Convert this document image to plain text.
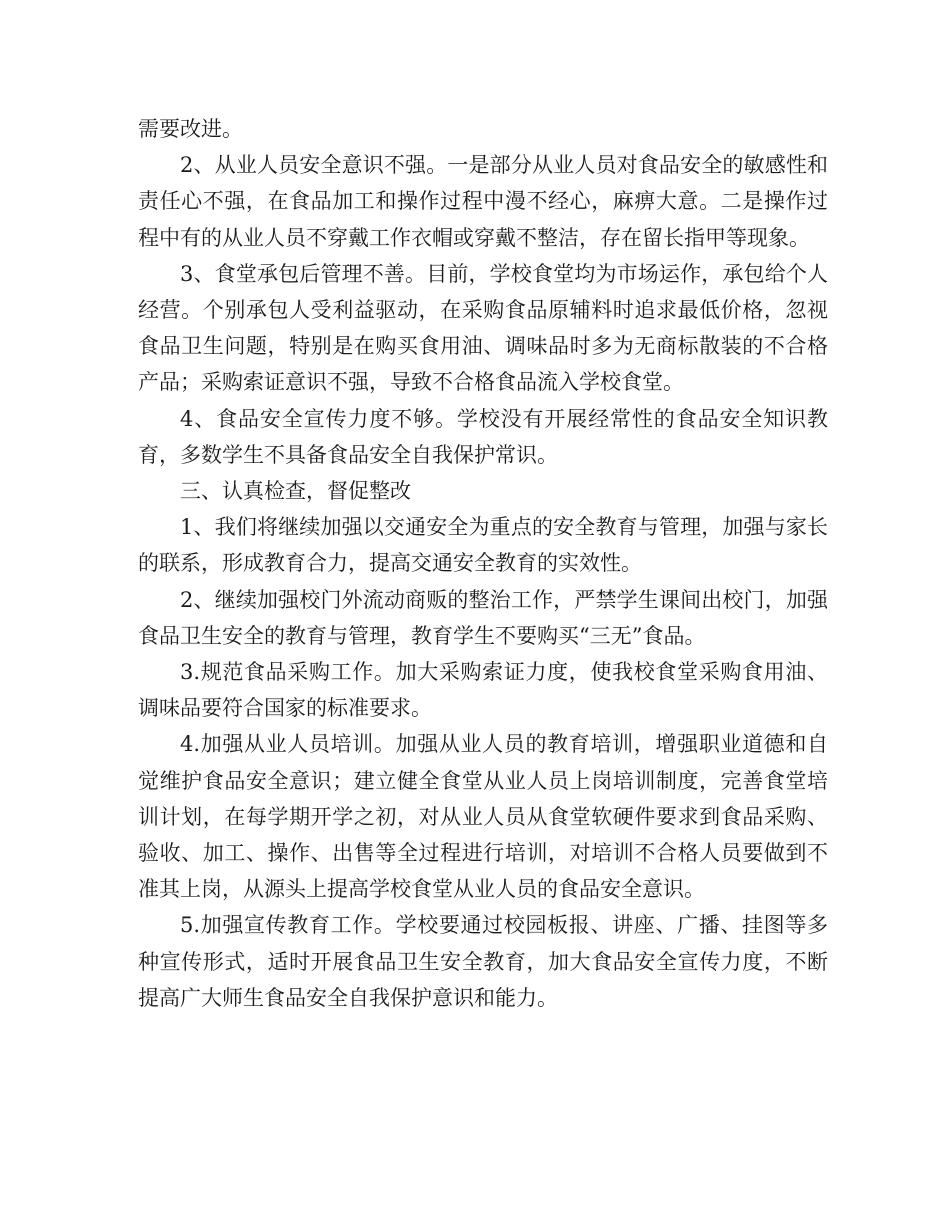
需要改进。

2、从业人员安全意识不强。一是部分从业人员对食品安全的敏感性和责任心不强，在食品加工和操作过程中漫不经心，麻痹大意。二是操作过程中有的从业人员不穿戴工作衣帽或穿戴不整洁，存在留长指甲等现象。

3、食堂承包后管理不善。目前，学校食堂均为市场运作，承包给个人经营。个别承包人受利益驱动，在采购食品原辅料时追求最低价格，忽视食品卫生问题，特别是在购买食用油、调味品时多为无商标散装的不合格产品；采购索证意识不强，导致不合格食品流入学校食堂。

4、食品安全宣传力度不够。学校没有开展经常性的食品安全知识教育，多数学生不具备食品安全自我保护常识。

三、认真检查，督促整改

1、我们将继续加强以交通安全为重点的安全教育与管理，加强与家长的联系，形成教育合力，提高交通安全教育的实效性。

2、继续加强校门外流动商贩的整治工作，严禁学生课间出校门，加强食品卫生安全的教育与管理，教育学生不要购买“三无”食品。

3.规范食品采购工作。加大采购索证力度，使我校食堂采购食用油、调味品要符合国家的标准要求。

4.加强从业人员培训。加强从业人员的教育培训，增强职业道德和自觉维护食品安全意识；建立健全食堂从业人员上岗培训制度，完善食堂培训计划，在每学期开学之初，对从业人员从食堂软硬件要求到食品采购、验收、加工、操作、出售等全过程进行培训，对培训不合格人员要做到不准其上岗，从源头上提高学校食堂从业人员的食品安全意识。

5.加强宣传教育工作。学校要通过校园板报、讲座、广播、挂图等多种宣传形式，适时开展食品卫生安全教育，加大食品安全宣传力度，不断提高广大师生食品安全自我保护意识和能力。
